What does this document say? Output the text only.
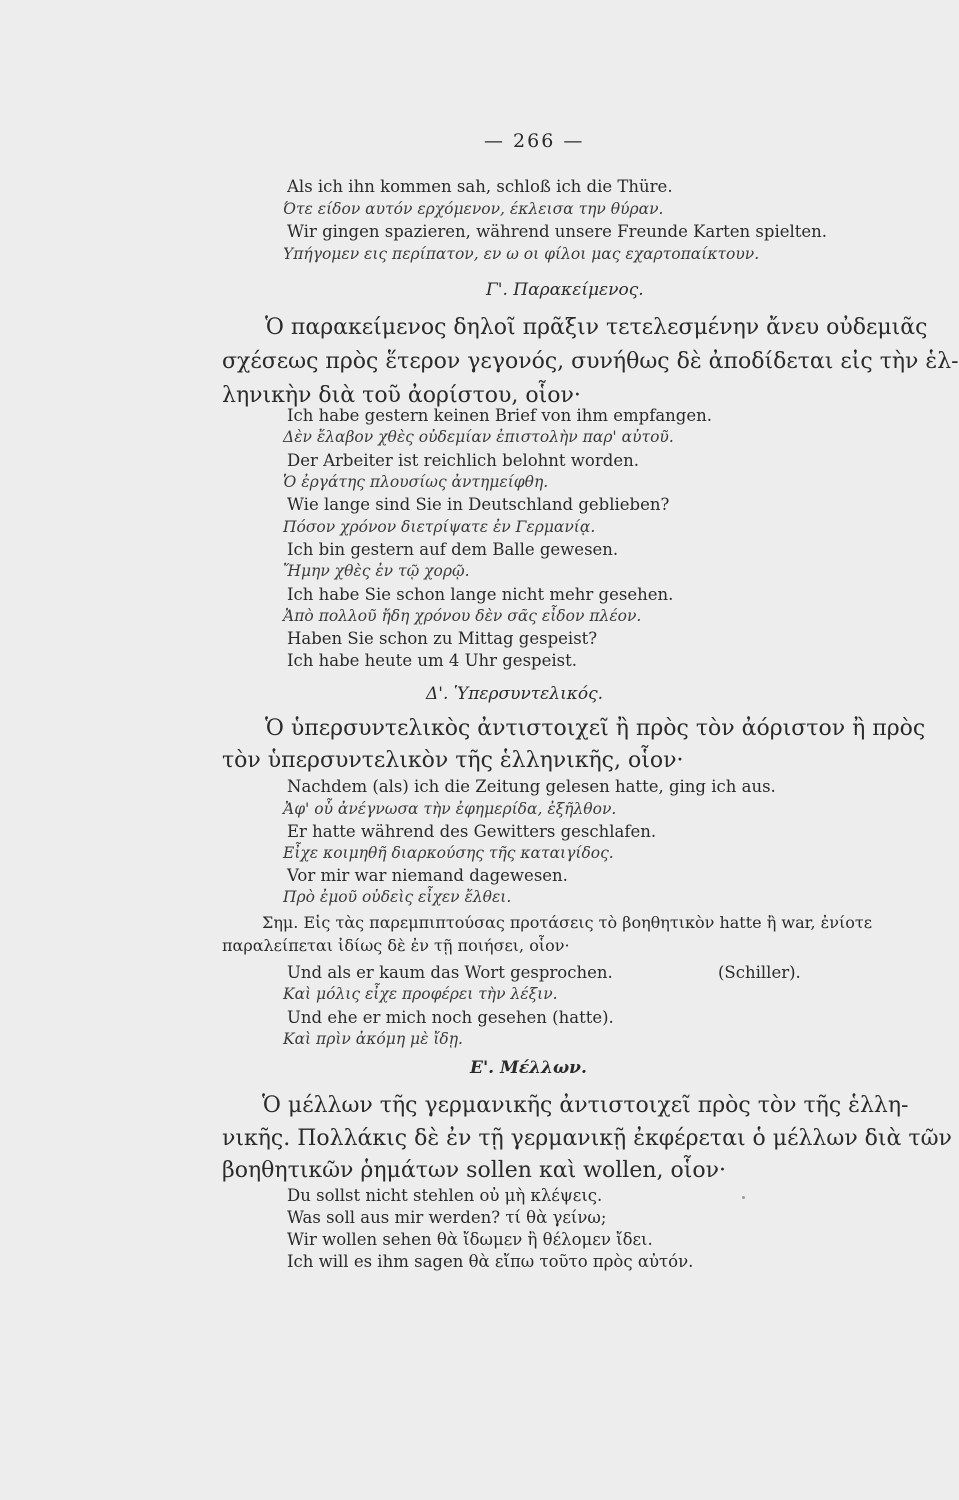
— 266 —
Als ich ihn kommen sah, schloß ich die Thüre.
Ότε είδον αυτόν ερχόμενον, έκλεισα την θύραν.
Wir gingen spazieren, während unsere Freunde Karten spielten.
Υπήγομεν εις περίπατον, εν ω οι φίλοι μας εχαρτοπαίκτουν.
Γ'. Παρακείμενος.
Ὁ παρακείμενος δηλοῖ πρᾶξιν τετελεσμένην ἄνευ οὐδεμιᾶς
σχέσεως πρὸς ἕτερον γεγονός, συνήθως δὲ ἀποδίδεται εἰς τὴν ἑλ-
ληνικὴν διὰ τοῦ ἀορίστου, οἷον·
Ich habe gestern keinen Brief von ihm empfangen.
Δὲν ἔλαβον χθὲς οὐδεμίαν ἐπιστολὴν παρ' αὐτοῦ.
Der Arbeiter ist reichlich belohnt worden.
Ὁ ἐργάτης πλουσίως ἀντημείφθη.
Wie lange sind Sie in Deutschland geblieben?
Πόσον χρόνον διετρίψατε ἐν Γερμανίᾳ.
Ich bin gestern auf dem Balle gewesen.
Ἤμην χθὲς ἐν τῷ χορῷ.
Ich habe Sie schon lange nicht mehr gesehen.
Ἀπὸ πολλοῦ ἤδη χρόνου δὲν σᾶς εἶδον πλέον.
Haben Sie schon zu Mittag gespeist?
Ich habe heute um 4 Uhr gespeist.
Δ'. Ὑπερσυντελικός.
Ὁ ὑπερσυντελικὸς ἀντιστοιχεῖ ἢ πρὸς τὸν ἀόριστον ἢ πρὸς
τὸν ὑπερσυντελικὸν τῆς ἑλληνικῆς, οἷον·
Nachdem (als) ich die Zeitung gelesen hatte, ging ich aus.
Ἀφ' οὗ ἀνέγνωσα τὴν ἐφημερίδα, ἐξῆλθον.
Er hatte während des Gewitters geschlafen.
Εἶχε κοιμηθῆ διαρκούσης τῆς καταιγίδος.
Vor mir war niemand dagewesen.
Πρὸ ἐμοῦ οὐδεὶς εἶχεν ἔλθει.
Σημ. Εἰς τὰς παρεμπιπτούσας προτάσεις τὸ βοηθητικὸν hatte ἢ war, ἐνίοτε
παραλείπεται ἰδίως δὲ ἐν τῇ ποιήσει, οἷον·
Und als er kaum das Wort gesprochen.	(Schiller).
Καὶ μόλις εἶχε προφέρει τὴν λέξιν.
Und ehe er mich noch gesehen (hatte).
Καὶ πρὶν ἀκόμη μὲ ἴδῃ.
Ε'. Μέλλων.
Ὁ μέλλων τῆς γερμανικῆς ἀντιστοιχεῖ πρὸς τὸν τῆς ἑλλη-
νικῆς. Πολλάκις δὲ ἐν τῇ γερμανικῇ ἐκφέρεται ὁ μέλλων διὰ τῶν
βοηθητικῶν ῥημάτων sollen καὶ wollen, οἷον·
Du sollst nicht stehlen οὐ μὴ κλέψεις.
Was soll aus mir werden? τί θὰ γείνω;
Wir wollen sehen θὰ ἴδωμεν ἢ θέλομεν ἴδει.
Ich will es ihm sagen θὰ εἴπω τοῦτο πρὸς αὐτόν.
